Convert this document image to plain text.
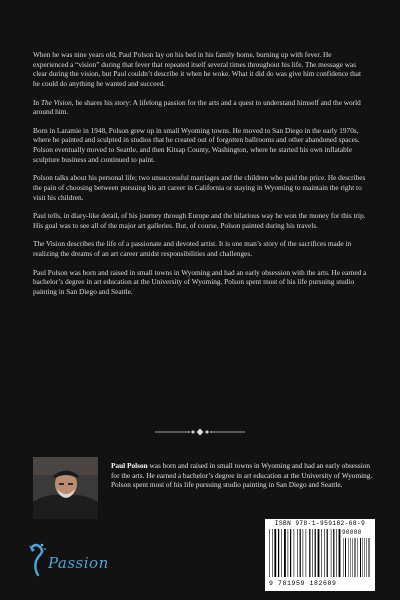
When he was nine years old, Paul Polson lay on his bed in his family home, burning up with fever. He experienced a “vision” during that fever that repeated itself several times throughout his life. The message was clear during the vision, but Paul couldn’t describe it when he woke. What it did do was give him confidence that he could do anything he wanted and succeed.

In The Vision, he shares his story: A lifelong passion for the arts and a quest to understand himself and the world around him.

Born in Laramie in 1948, Polson grew up in small Wyoming towns. He moved to San Diego in the early 1970s, where he painted and sculpted in studios that he created out of forgotten ballrooms and other abandoned spaces. Polson eventually moved to Seattle, and then Kitsap County, Washington, where he started his own inflatable sculpture business and continued to paint.

Polson talks about his personal life; two unsuccessful marriages and the children who paid the price. He describes the pain of choosing between pursuing his art career in California or staying in Wyoming to maintain the right to visit his children.

Paul tells, in diary-like detail, of his journey through Europe and the hilarious way he won the money for this trip. His goal was to see all of the major art galleries. But, of course, Polson painted during his travels.

The Vision describes the life of a passionate and devoted artist. It is one man’s story of the sacrifices made in realizing the dreams of an art career amidst responsibilities and challenges.

Paul Polson was born and raised in small towns in Wyoming and had an early obsession with the arts. He earned a bachelor’s degree in art education at the University of Wyoming. Polson spent most of his life pursuing studio painting in San Diego and Seattle.

Paul Polson was born and raised in small towns in Wyoming and had an early obsession for the arts. He earned a bachelor’s degree in art education at the University of Wyoming. Polson spent most of his life pursuing studio painting in San Diego and Seattle.

Passion
ISBN 978-1-959182-68-9
90000
9 781959 182689
